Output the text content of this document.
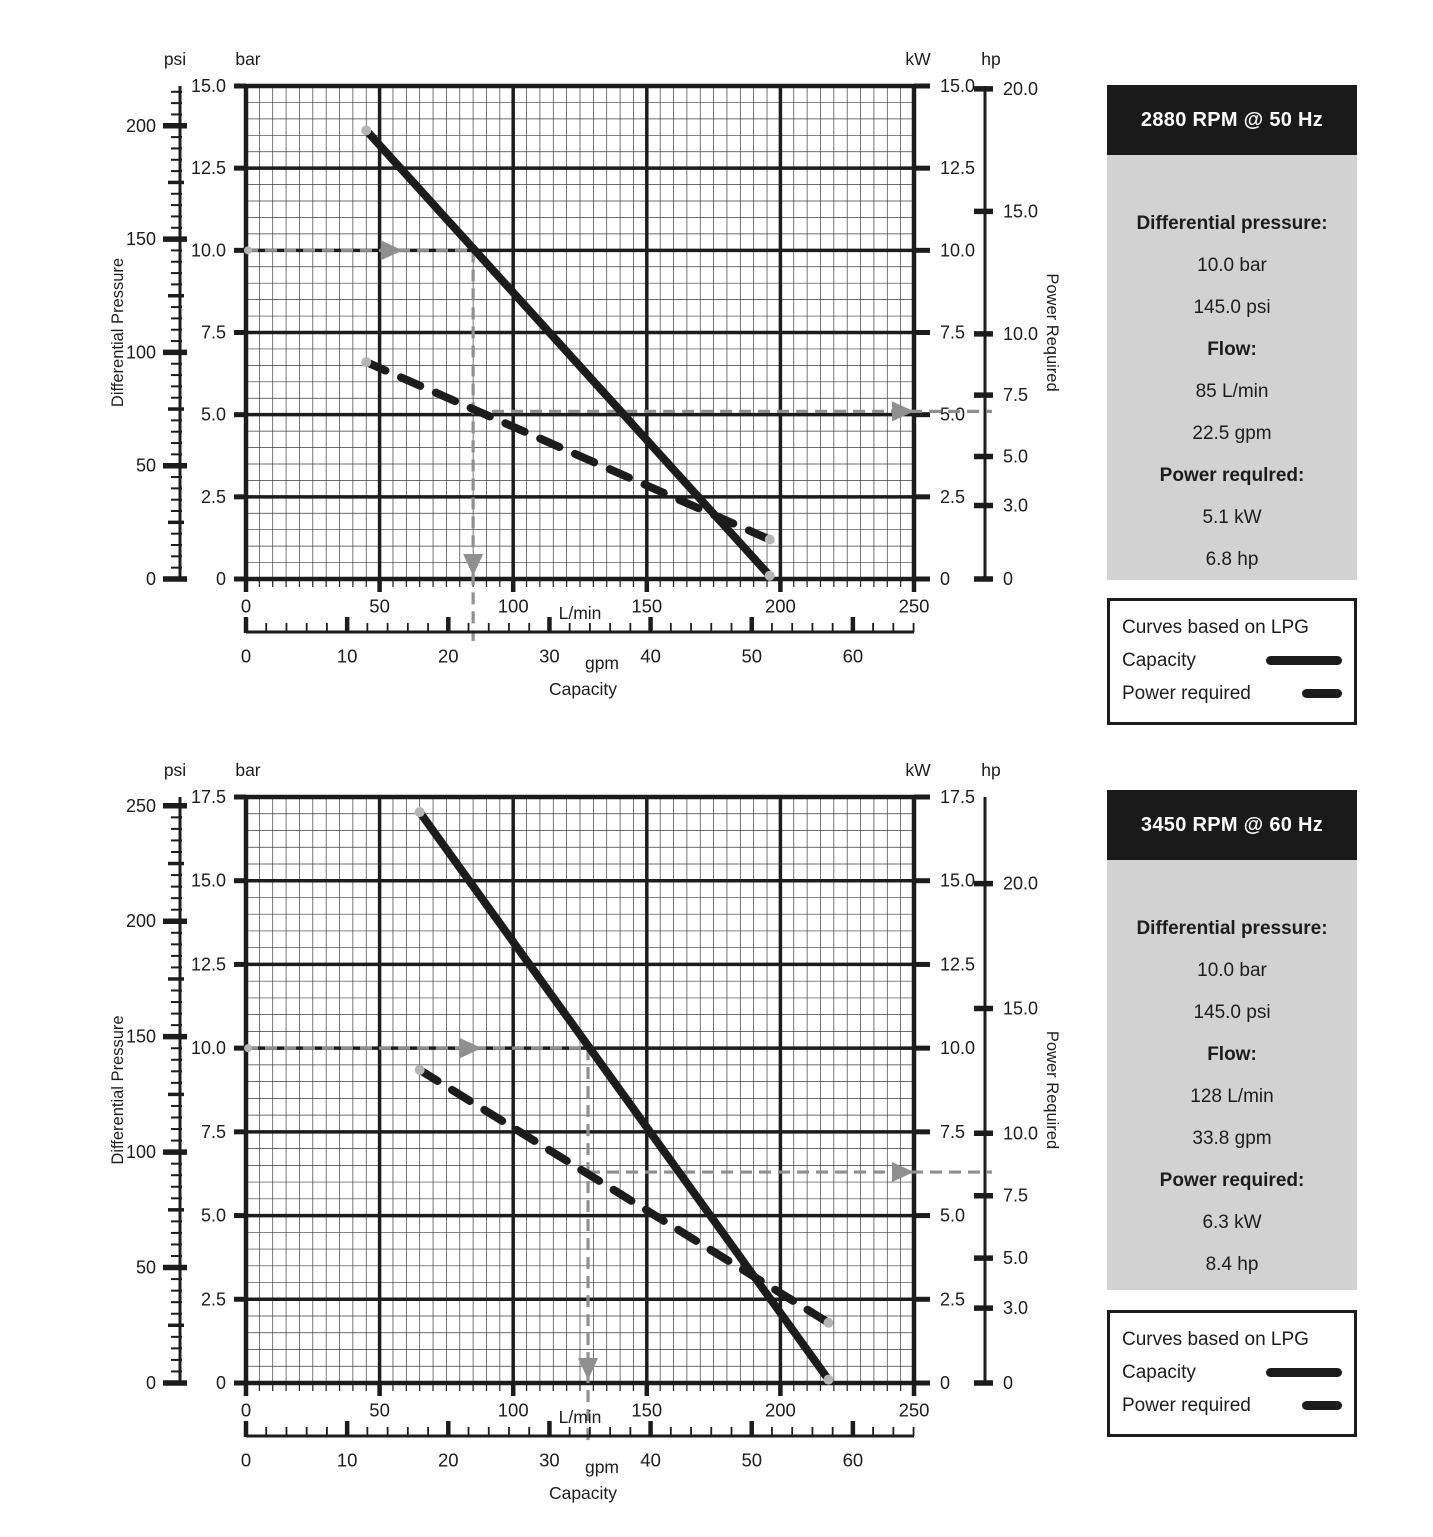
200
150
100
50
0
15.0
12.5
10.0
7.5
5.0
2.5
0
15.0
12.5
10.0
7.5
5.0
2.5
0
20.0
15.0
10.0
7.5
5.0
3.0
0
psi	bar	kW	hp
Differential Pressure	Power Required
0	50	100	150	200	250
L/min
0	10	20	30	40	50	60
gpm
Capacity
250
200
150
100
50
0
17.5
15.0
12.5
10.0
7.5
5.0
2.5
0
17.5
15.0
12.5
10.0
7.5
5.0
2.5
0
20.0
15.0
10.0
7.5
5.0
3.0
0
psi	bar	kW	hp
Differential Pressure	Power Required
0	50	100	150	200	250
L/min
0	10	20	30	40	50	60
gpm
Capacity
2880 RPM @ 50 Hz
Differential pressure:
10.0 bar
145.0 psi
Flow:
85 L/min
22.5 gpm
Power requlred:
5.1 kW
6.8 hp
Curves based on LPG
Capacity
Power required
3450 RPM @ 60 Hz
Differential pressure:
10.0 bar
145.0 psi
Flow:
128 L/min
33.8 gpm
Power required:
6.3 kW
8.4 hp
Curves based on LPG
Capacity
Power required
